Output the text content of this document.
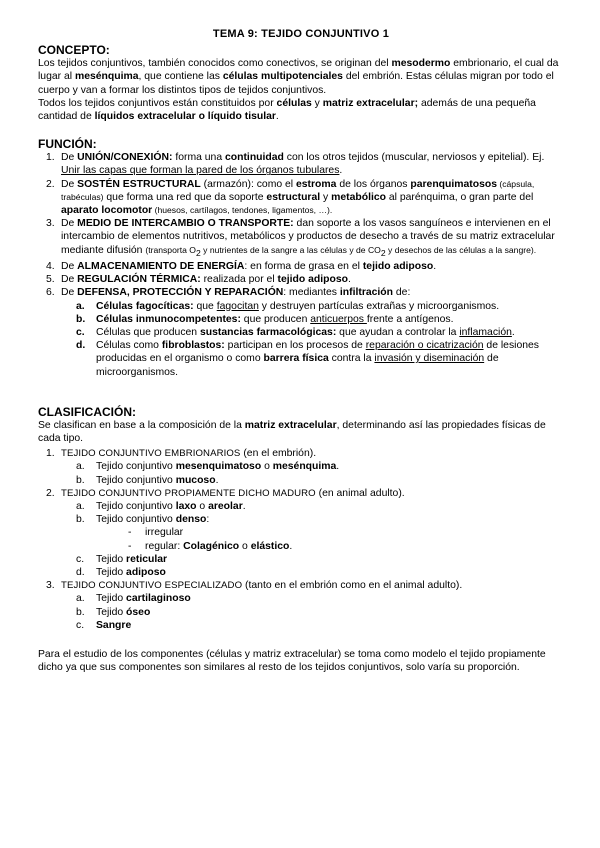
TEMA 9: TEJIDO CONJUNTIVO 1
CONCEPTO:

Los tejidos conjuntivos, también conocidos como conectivos, se originan del mesodermo embrionario, el cual da lugar al mesénquima, que contiene las células multipotenciales del embrión. Estas células migran por todo el cuerpo y van a formar los distintos tipos de tejidos conjuntivos.

Todos los tejidos conjuntivos están constituidos por células y matriz extracelular; además de una pequeña cantidad de líquidos extracelular o líquido tisular.

FUNCIÓN:
1. De UNIÓN/CONEXIÓN: forma una continuidad con los otros tejidos (muscular, nerviosos y epitelial). Ej. Unir las capas que forman la pared de los órganos tubulares.
2. De SOSTÉN ESTRUCTURAL (armazón): como el estroma de los órganos parenquimatosos (cápsula, trabéculas) que forma una red que da soporte estructural y metabólico al parénquima, o gran parte del aparato locomotor (huesos, cartílagos, tendones, ligamentos, …).
3. De MEDIO DE INTERCAMBIO O TRANSPORTE: dan soporte a los vasos sanguíneos e intervienen en el intercambio de elementos nutritivos, metabólicos y productos de desecho a través de su matriz extracelular mediante difusión (transporta $O_2$ y nutrientes de la sangre a las células y de $CO_2$ y desechos de las células a la sangre).
4. De ALMACENAMIENTO DE ENERGÍA: en forma de grasa en el tejido adiposo.
5. De REGULACIÓN TÉRMICA: realizada por el tejido adiposo.
6. De DEFENSA, PROTECCIÓN Y REPARACIÓN: mediantes infiltración de:
a. Células fagocíticas: que fagocitan y destruyen partículas extrañas y microorganismos.
b. Células inmunocompetentes: que producen anticuerpos frente a antígenos.
c. Células que producen sustancias farmacológicas: que ayudan a controlar la inflamación.
d. Células como fibroblastos: participan en los procesos de reparación o cicatrización de lesiones producidas en el organismo o como barrera física contra la invasión y diseminación de microorganismos.
CLASIFICACIÓN:

Se clasifican en base a la composición de la matriz extracelular, determinando así las propiedades físicas de cada tipo.

1. TEJIDO CONJUNTIVO EMBRIONARIOS (en el embrión).
a. Tejido conjuntivo mesenquimatoso o mesénquima.
b. Tejido conjuntivo mucoso.
2. TEJIDO CONJUNTIVO PROPIAMENTE DICHO MADURO (en animal adulto).
a. Tejido conjuntivo laxo o areolar.
b. Tejido conjuntivo denso:
- irregular
- regular: Colagénico o elástico.
c. Tejido reticular
d. Tejido adiposo
3. TEJIDO CONJUNTIVO ESPECIALIZADO (tanto en el embrión como en el animal adulto).
a. Tejido cartilaginoso
b. Tejido óseo
c. Sangre

Para el estudio de los componentes (células y matriz extracelular) se toma como modelo el tejido propiamente dicho ya que sus componentes son similares al resto de los tejidos conjuntivos, solo varía su proporción.
